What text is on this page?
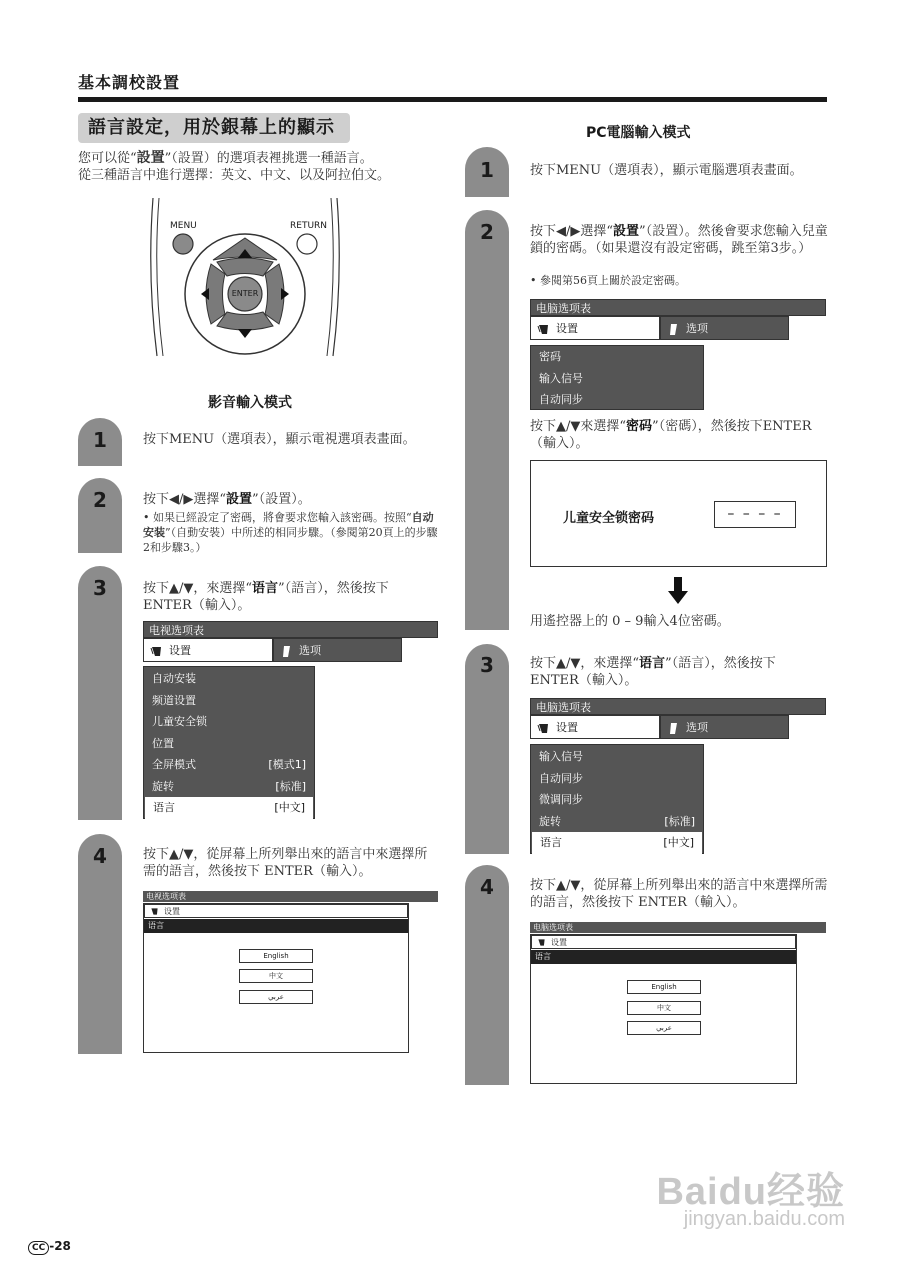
基本調校設置
語言設定，用於銀幕上的顯示
您可以從“設置”（設置）的選項表裡挑選一種語言。
從三種語言中進行選擇：英文、中文、以及阿拉伯文。
MENU	RETURN
ENTER
影音輸入模式
1	按下MENU（選項表），顯示電視選項表畫面。
2	按下◀/▶選擇“設置”（設置）。
• 如果已經設定了密碼，將會要求您輸入該密碼。按照“自动安装”（自動安裝）中所述的相同步驟。（參閱第20頁上的步驟2和步驟3。）
3	按下▲/▼，來選擇“语言”（語言），然後按下 ENTER（輸入）。
电视选项表
设置	选项
自动安装
频道设置
儿童安全锁
位置
全屏模式	[模式1]
旋转	[标准]
语言	[中文]
4	按下▲/▼，從屏幕上所列舉出來的語言中來選擇所需的語言，然後按下 ENTER（輸入）。
电视选项表
设置
语言
English
中文
عربي
PC電腦輸入模式
1	按下MENU（選項表），顯示電腦選項表畫面。
2	按下◀/▶選擇“設置”（設置）。然後會要求您輸入兒童鎖的密碼。（如果還沒有設定密碼，跳至第3步。）
• 參閱第56頁上關於設定密碼。
电脑选项表
设置	选项
密码
输入信号
自动同步
按下▲/▼來選擇“密码”（密碼），然後按下ENTER（輸入）。
儿童安全锁密码	– – – –
用遙控器上的 0 – 9輸入4位密碼。
3	按下▲/▼，來選擇“语言”（語言），然後按下 ENTER（輸入）。
电脑选项表
设置	选项
输入信号
自动同步
微调同步
旋转	[标准]
语言	[中文]
4	按下▲/▼，從屏幕上所列舉出來的語言中來選擇所需的語言，然後按下 ENTER（輸入）。
电脑选项表
设置
语言
English
中文
عربي
Baidu经验
jingyan.baidu.com
CC -28
